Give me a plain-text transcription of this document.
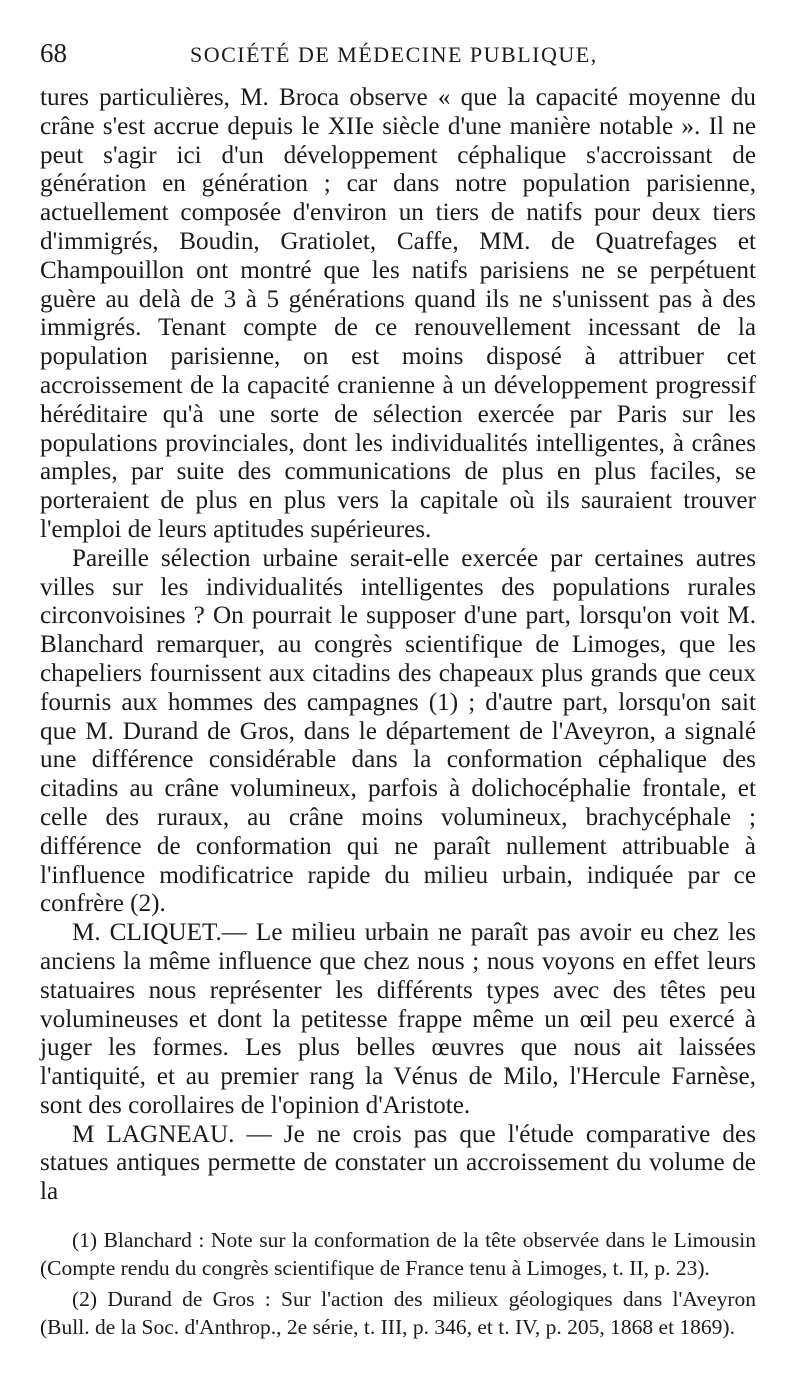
68	SOCIÉTÉ DE MÉDECINE PUBLIQUE,

tures particulières, M. Broca observe « que la capacité moyenne du crâne s'est accrue depuis le XIIe siècle d'une manière notable ». Il ne peut s'agir ici d'un développement céphalique s'accroissant de génération en génération ; car dans notre population parisienne, actuellement composée d'environ un tiers de natifs pour deux tiers d'immigrés, Boudin, Gratiolet, Caffe, MM. de Quatrefages et Champouillon ont montré que les natifs parisiens ne se perpétuent guère au delà de 3 à 5 générations quand ils ne s'unissent pas à des immigrés. Tenant compte de ce renouvellement incessant de la population parisienne, on est moins disposé à attribuer cet accroissement de la capacité cranienne à un développement progressif héréditaire qu'à une sorte de sélection exercée par Paris sur les populations provinciales, dont les individualités intelligentes, à crânes amples, par suite des communications de plus en plus faciles, se porteraient de plus en plus vers la capitale où ils sauraient trouver l'emploi de leurs aptitudes supérieures.

Pareille sélection urbaine serait-elle exercée par certaines autres villes sur les individualités intelligentes des populations rurales circonvoisines ? On pourrait le supposer d'une part, lorsqu'on voit M. Blanchard remarquer, au congrès scientifique de Limoges, que les chapeliers fournissent aux citadins des chapeaux plus grands que ceux fournis aux hommes des campagnes (1) ; d'autre part, lorsqu'on sait que M. Durand de Gros, dans le département de l'Aveyron, a signalé une différence considérable dans la conformation céphalique des citadins au crâne volumineux, parfois à dolichocéphalie frontale, et celle des ruraux, au crâne moins volumineux, brachycéphale ; différence de conformation qui ne paraît nullement attribuable à l'influence modificatrice rapide du milieu urbain, indiquée par ce confrère (2).

M. CLIQUET.— Le milieu urbain ne paraît pas avoir eu chez les anciens la même influence que chez nous ; nous voyons en effet leurs statuaires nous représenter les différents types avec des têtes peu volumineuses et dont la petitesse frappe même un œil peu exercé à juger les formes. Les plus belles œuvres que nous ait laissées l'antiquité, et au premier rang la Vénus de Milo, l'Hercule Farnèse, sont des corollaires de l'opinion d'Aristote.

M LAGNEAU. — Je ne crois pas que l'étude comparative des statues antiques permette de constater un accroissement du volume de la

(1) Blanchard : Note sur la conformation de la tête observée dans le Limousin (Compte rendu du congrès scientifique de France tenu à Limoges, t. II, p. 23).

(2) Durand de Gros : Sur l'action des milieux géologiques dans l'Aveyron (Bull. de la Soc. d'Anthrop., 2e série, t. III, p. 346, et t. IV, p. 205, 1868 et 1869).
